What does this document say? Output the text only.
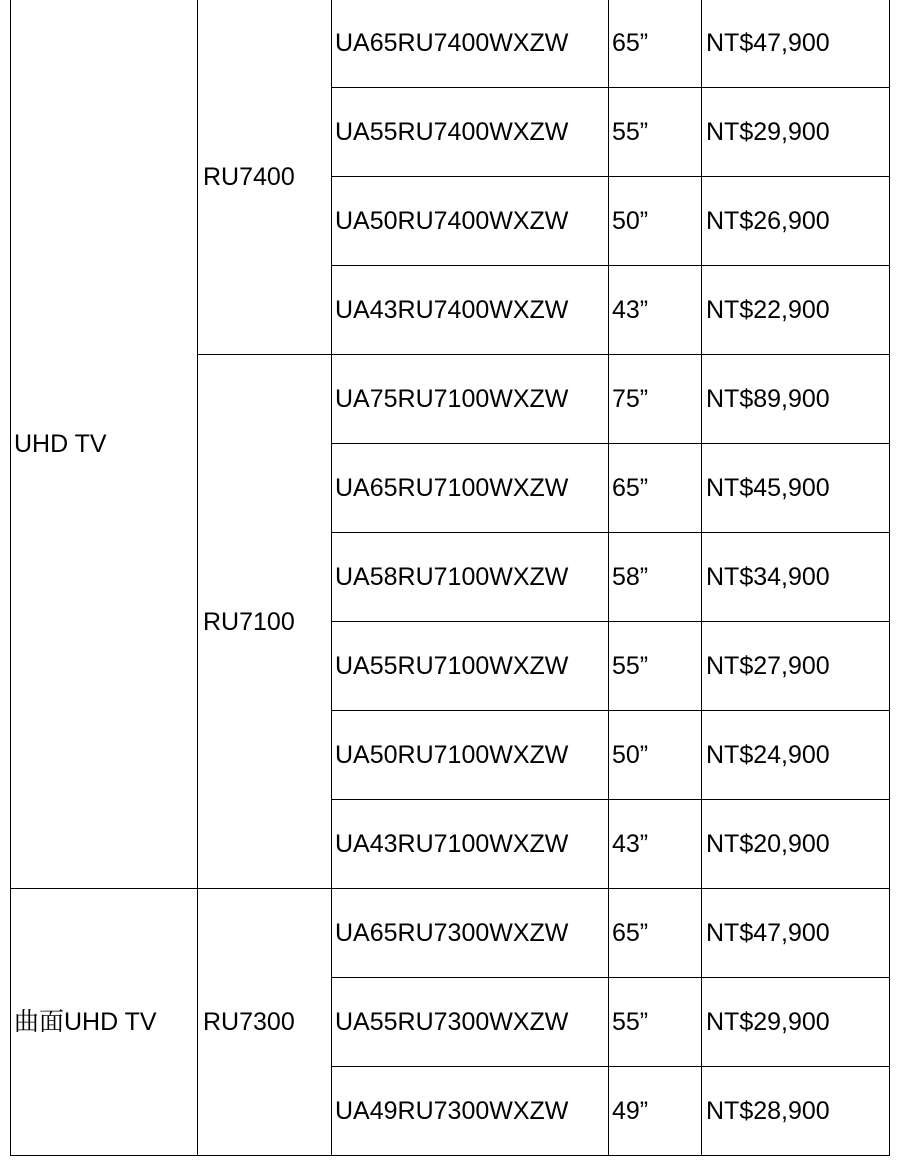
UHD TV	RU7400	UA65RU7400WXZW	65”	NT$47,900
		UA55RU7400WXZW	55”	NT$29,900
		UA50RU7400WXZW	50”	NT$26,900
		UA43RU7400WXZW	43”	NT$22,900
	RU7100	UA75RU7100WXZW	75”	NT$89,900
		UA65RU7100WXZW	65”	NT$45,900
		UA58RU7100WXZW	58”	NT$34,900
		UA55RU7100WXZW	55”	NT$27,900
		UA50RU7100WXZW	50”	NT$24,900
		UA43RU7100WXZW	43”	NT$20,900
曲面UHD TV	RU7300	UA65RU7300WXZW	65”	NT$47,900
		UA55RU7300WXZW	55”	NT$29,900
		UA49RU7300WXZW	49”	NT$28,900
